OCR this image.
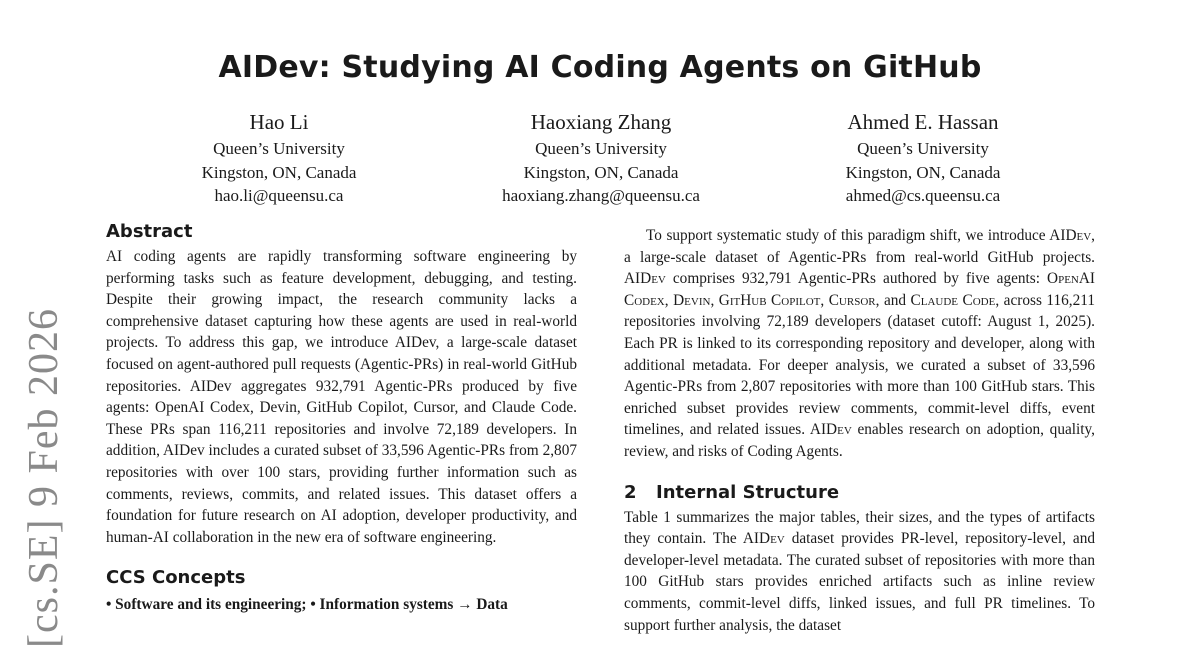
AIDev: Studying AI Coding Agents on GitHub
Hao Li
Queen’s University
Kingston, ON, Canada
hao.li@queensu.ca
Haoxiang Zhang
Queen’s University
Kingston, ON, Canada
haoxiang.zhang@queensu.ca
Ahmed E. Hassan
Queen’s University
Kingston, ON, Canada
ahmed@cs.queensu.ca
[cs.SE] 9 Feb 2026
Abstract

AI coding agents are rapidly transforming software engineering by performing tasks such as feature development, debugging, and testing. Despite their growing impact, the research community lacks a comprehensive dataset capturing how these agents are used in real-world projects. To address this gap, we introduce AIDev, a large-scale dataset focused on agent-authored pull requests (Agentic-PRs) in real-world GitHub repositories. AIDev aggregates 932,791 Agentic-PRs produced by five agents: OpenAI Codex, Devin, GitHub Copilot, Cursor, and Claude Code. These PRs span 116,211 repositories and involve 72,189 developers. In addition, AIDev includes a curated subset of 33,596 Agentic-PRs from 2,807 repositories with over 100 stars, providing further information such as comments, reviews, commits, and related issues. This dataset offers a foundation for future research on AI adoption, developer productivity, and human-AI collaboration in the new era of software engineering.

CCS Concepts
• Software and its engineering; • Information systems → Data

To support systematic study of this paradigm shift, we introduce AIDev, a large-scale dataset of Agentic-PRs from real-world GitHub projects. AIDev comprises 932,791 Agentic-PRs authored by five agents: OpenAI Codex, Devin, GitHub Copilot, Cursor, and Claude Code, across 116,211 repositories involving 72,189 developers (dataset cutoff: August 1, 2025). Each PR is linked to its corresponding repository and developer, along with additional metadata. For deeper analysis, we curated a subset of 33,596 Agentic-PRs from 2,807 repositories with more than 100 GitHub stars. This enriched subset provides review comments, commit-level diffs, event timelines, and related issues. AIDev enables research on adoption, quality, review, and risks of Coding Agents.

2 Internal Structure

Table 1 summarizes the major tables, their sizes, and the types of artifacts they contain. The AIDev dataset provides PR-level, repository-level, and developer-level metadata. The curated subset of repositories with more than 100 GitHub stars provides enriched artifacts such as inline review comments, commit-level diffs, linked issues, and full PR timelines. To support further analysis, the dataset
